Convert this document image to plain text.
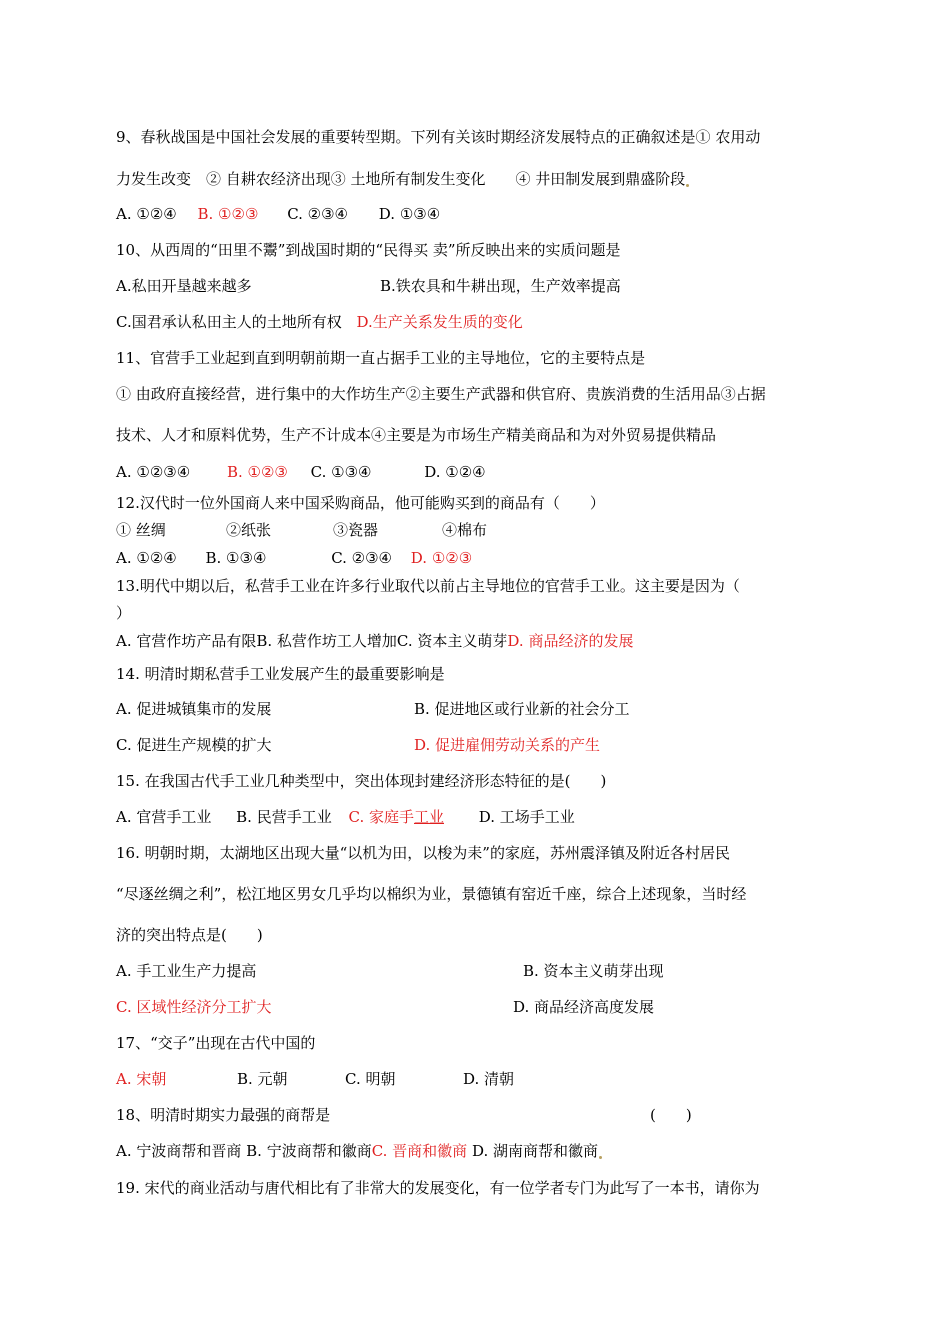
9、春秋战国是中国社会发展的重要转型期。下列有关该时期经济发展特点的正确叙述是① 农用动
力发生改变　② 自耕农经济出现③ 土地所有制发生变化　　④ 井田制发展到鼎盛阶段
A. ①②④ B. ①②③ C. ②③④ D. ①③④
10、从西周的“田里不鬻”到战国时期的“民得买 卖”所反映出来的实质问题是
A.私田开垦越来越多	B.铁农具和牛耕出现，生产效率提高
C.国君承认私田主人的土地所有权 D.生产关系发生质的变化
11、官营手工业起到直到明朝前期一直占据手工业的主导地位，它的主要特点是
① 由政府直接经营，进行集中的大作坊生产②主要生产武器和供官府、贵族消费的生活用品③占据
技术、人才和原料优势，生产不计成本④主要是为市场生产精美商品和为对外贸易提供精品
A. ①②③④ B. ①②③ C. ①③④	D. ①②④
12.汉代时一位外国商人来中国采购商品，他可能购买到的商品有（　　）
① 丝绸	②纸张	③瓷器	④棉布
A. ①②④ B. ①③④	C. ②③④ D. ①②③
13.明代中期以后，私营手工业在许多行业取代以前占主导地位的官营手工业。这主要是因为（
）
A. 官营作坊产品有限B. 私营作坊工人增加C. 资本主义萌芽D. 商品经济的发展
14. 明清时期私营手工业发展产生的最重要影响是
A. 促进城镇集市的发展	B. 促进地区或行业新的社会分工
C. 促进生产规模的扩大	D. 促进雇佣劳动关系的产生
15. 在我国古代手工业几种类型中，突出体现封建经济形态特征的是(　　)
A. 官营手工业 B. 民营手工业 C. 家庭手工业 D. 工场手工业
16. 明朝时期，太湖地区出现大量“以机为田，以梭为耒”的家庭，苏州震泽镇及附近各村居民
“尽逐丝绸之利”，松江地区男女几乎均以棉织为业，景德镇有窑近千座，综合上述现象，当时经
济的突出特点是(　　)
A. 手工业生产力提高	B. 资本主义萌芽出现
C. 区域性经济分工扩大	D. 商品经济高度发展
17、“交子”出现在古代中国的
A. 宋朝	B. 元朝	C. 明朝	D. 清朝
18、明清时期实力最强的商帮是	(　　)
A. 宁波商帮和晋商 B. 宁波商帮和徽商C. 晋商和徽商 D. 湖南商帮和徽商
19. 宋代的商业活动与唐代相比有了非常大的发展变化，有一位学者专门为此写了一本书，请你为
